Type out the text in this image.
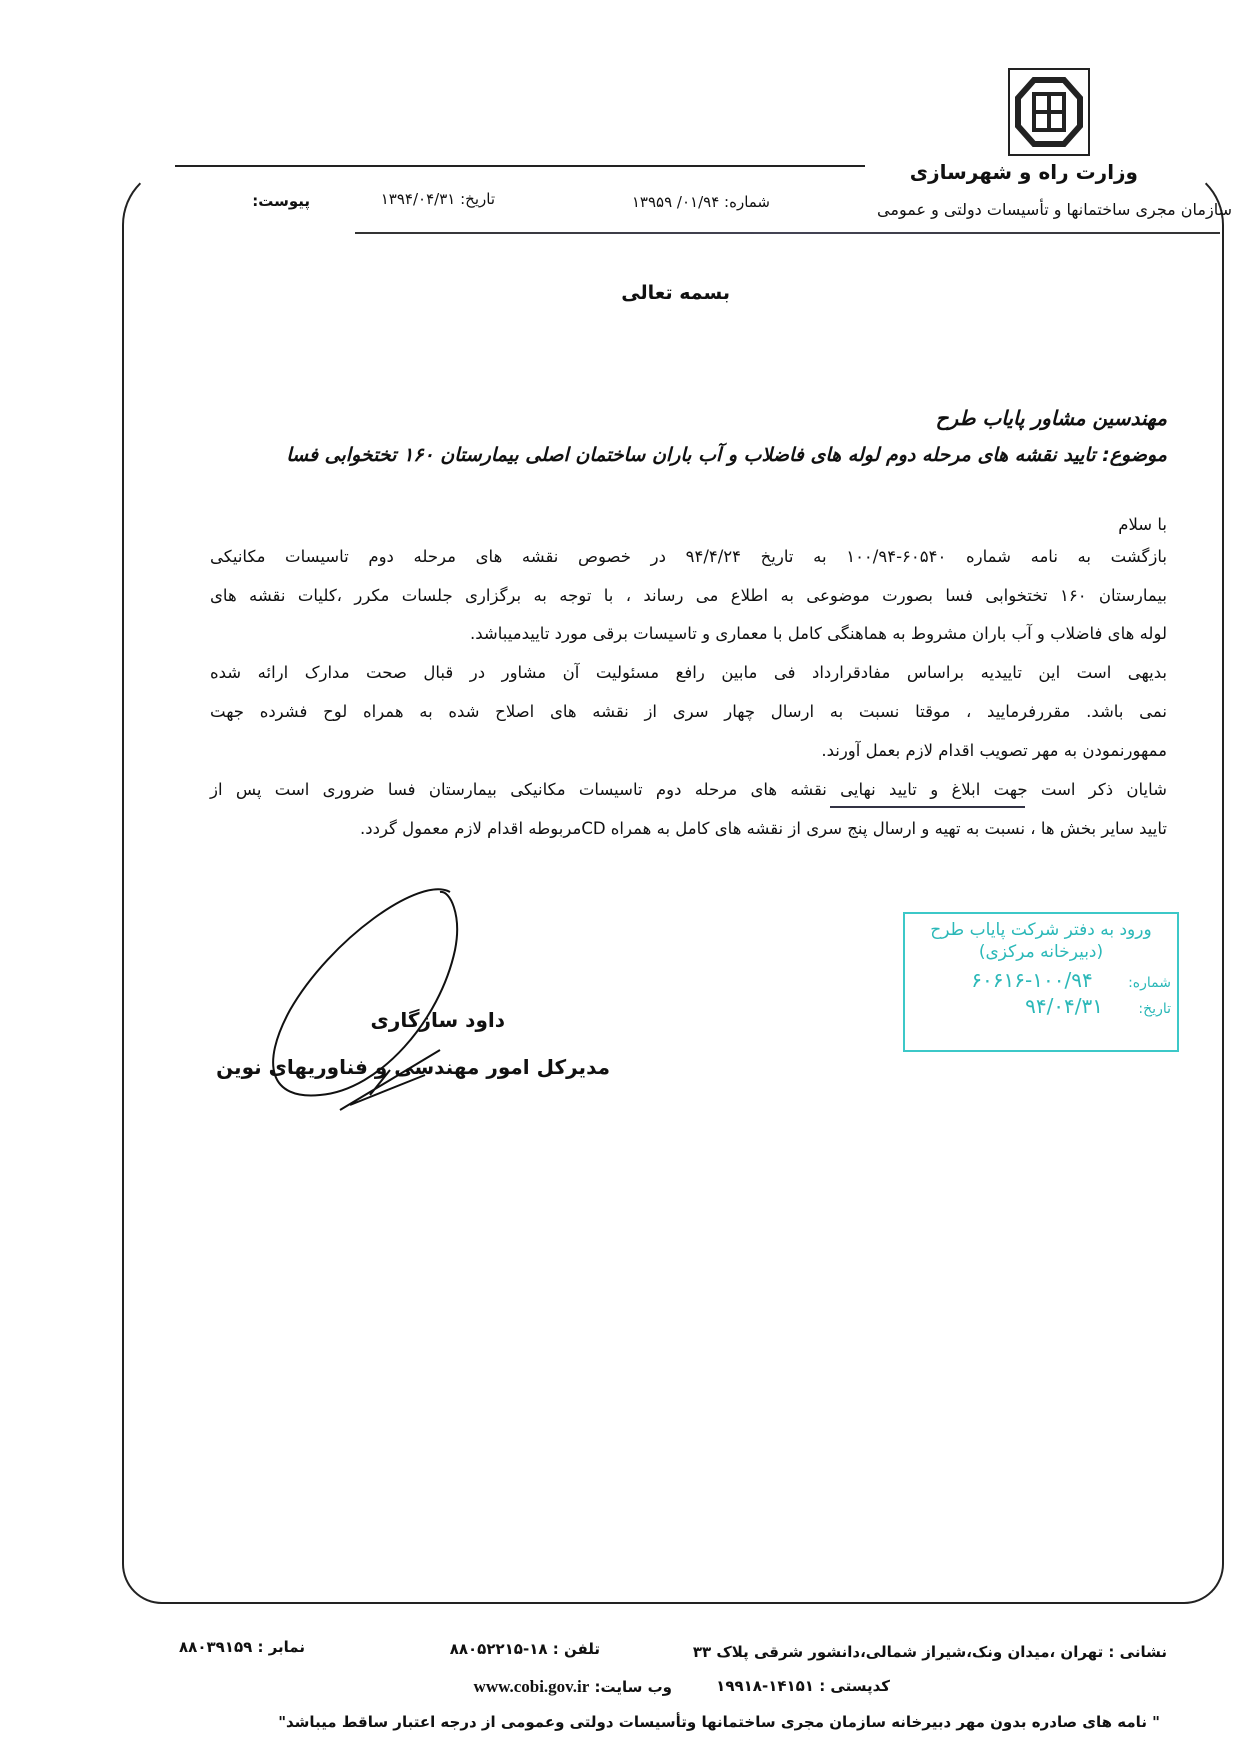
وزارت راه و شهرسازی
سازمان مجری ساختمانها و تأسیسات دولتی و عمومی
شماره: ۰۱/۹۴/ ۱۳۹۵۹
تاریخ: ۱۳۹۴/۰۴/۳۱
پیوست:
بسمه تعالی
مهندسین مشاور پایاب طرح
موضوع: تایید نقشه های مرحله دوم لوله های فاضلاب و آب باران ساختمان اصلی بیمارستان ۱۶۰ تختخوابی فسا
با سلام
بازگشت به نامه شماره ۶۰۵۴۰-۱۰۰/۹۴ به تاریخ ۹۴/۴/۲۴ در خصوص نقشه های مرحله دوم تاسیسات مکانیکی
بیمارستان ۱۶۰ تختخوابی فسا بصورت موضوعی به اطلاع می رساند ، با توجه به برگزاری جلسات مکرر ،کلیات نقشه های
لوله های فاضلاب و آب باران مشروط به هماهنگی کامل با معماری و تاسیسات برقی مورد تاییدمیباشد.
بدیهی است این تاییدیه براساس مفادقرارداد فی مابین رافع مسئولیت آن مشاور در قبال صحت مدارک ارائه شده
نمی باشد. مقررفرمایید ، موقتا نسبت به ارسال چهار سری از نقشه های اصلاح شده به همراه لوح فشرده جهت
ممهورنمودن به مهر تصویب اقدام لازم بعمل آورند.
شایان ذکر است جهت ابلاغ و تایید نهایی نقشه های مرحله دوم تاسیسات مکانیکی بیمارستان فسا ضروری است پس از
تایید سایر بخش ها ، نسبت به تهیه و ارسال پنج سری از نقشه های کامل به همراه CDمربوطه اقدام لازم معمول گردد.
ورود به دفتر شرکت پایاب طرح
(دبیرخانه مرکزی)
شماره: ۱۰۰/۹۴-۶۰۶۱۶
تاریخ: ۹۴/۰۴/۳۱
داود سازگاری
مدیرکل امور مهندسی و فناوریهای نوین
نشانی : تهران ،میدان ونک،شیراز شمالی،دانشور شرقی پلاک ۳۳
تلفن : ۱۸-۸۸۰۵۲۲۱۵
نمابر : ۸۸۰۳۹۱۵۹
کدپستی : ۱۴۱۵۱-۱۹۹۱۸
وب سایت: www.cobi.gov.ir
" نامه های صادره بدون مهر دبیرخانه سازمان مجری ساختمانها وتأسیسات دولتی وعمومی از درجه اعتبار ساقط میباشد"
